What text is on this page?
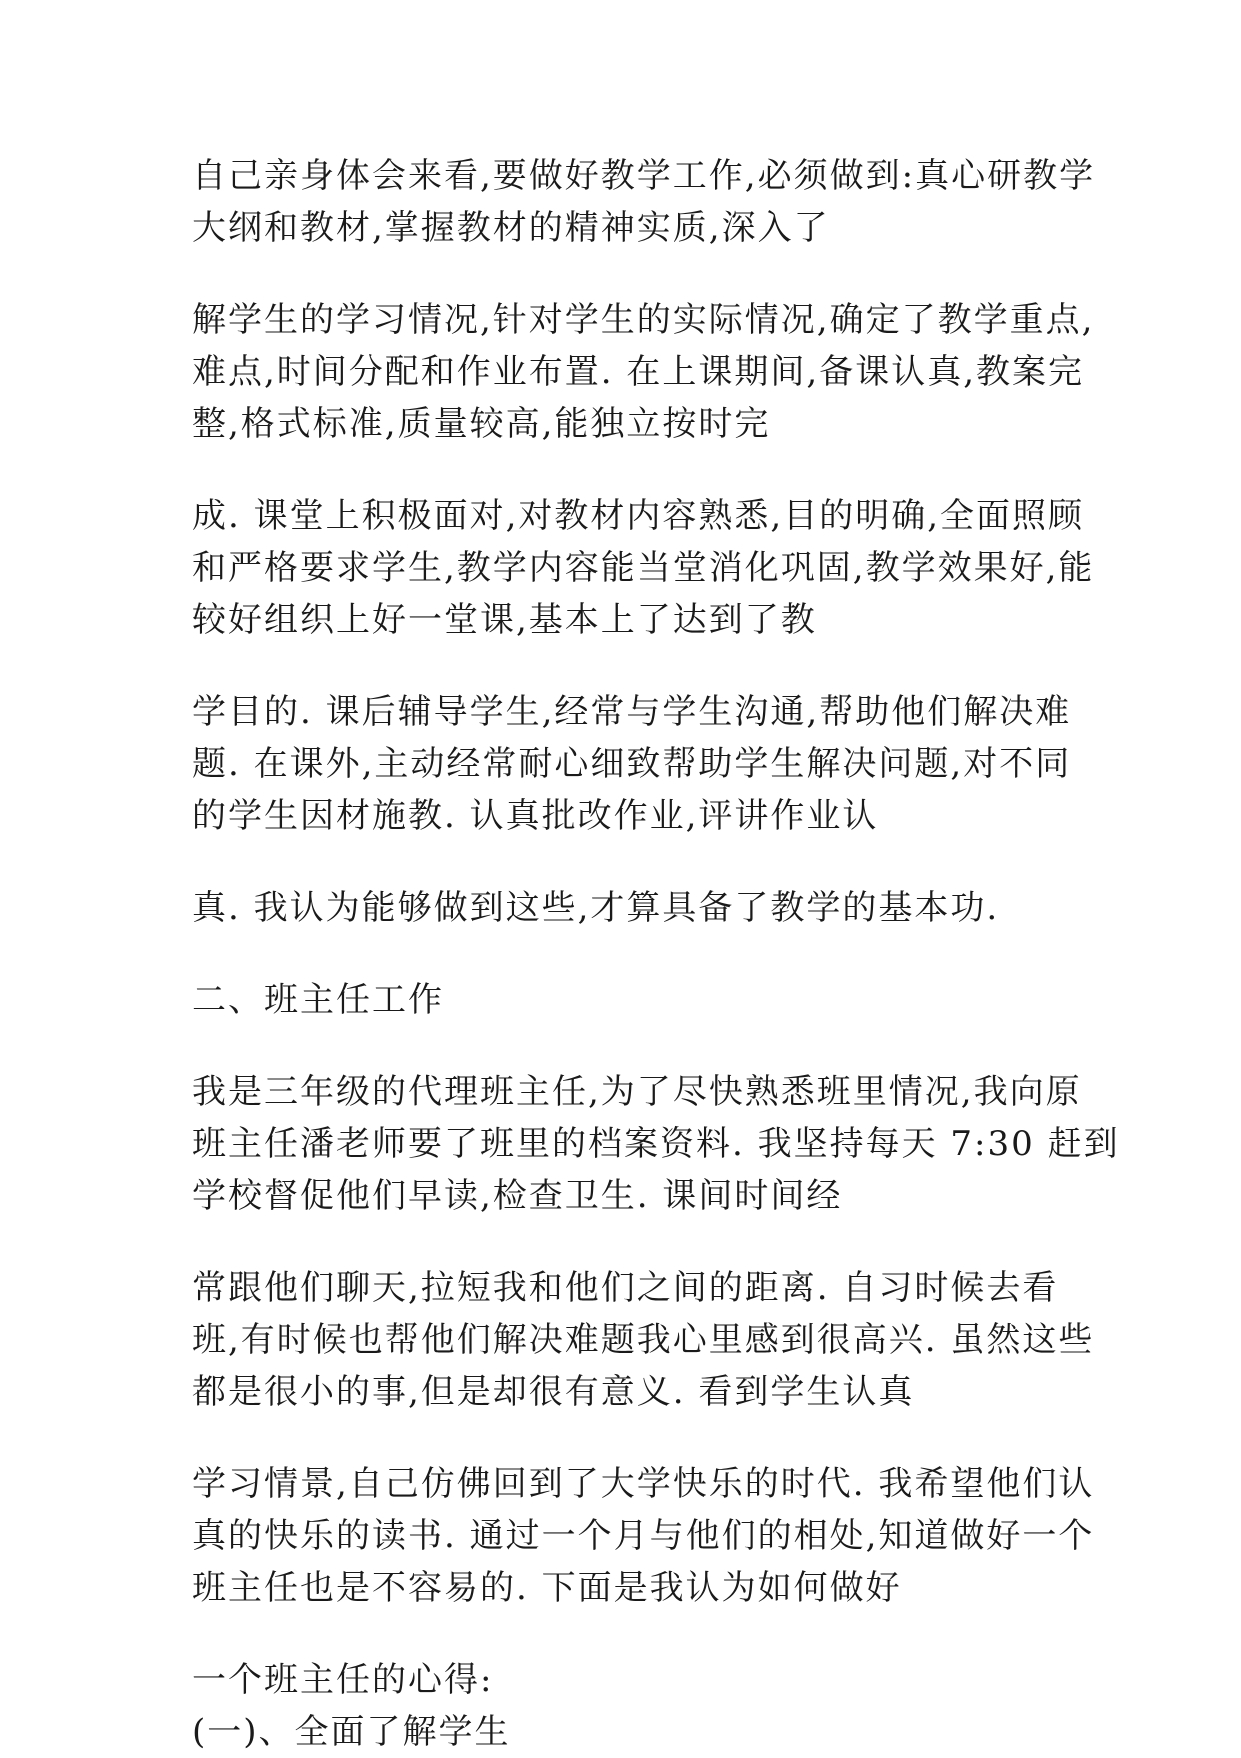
自己亲身体会来看,要做好教学工作,必须做到:真心研教学
大纲和教材,掌握教材的精神实质,深入了
解学生的学习情况,针对学生的实际情况,确定了教学重点,
难点,时间分配和作业布置. 在上课期间,备课认真,教案完
整,格式标准,质量较高,能独立按时完
成. 课堂上积极面对,对教材内容熟悉,目的明确,全面照顾
和严格要求学生,教学内容能当堂消化巩固,教学效果好,能
较好组织上好一堂课,基本上了达到了教
学目的. 课后辅导学生,经常与学生沟通,帮助他们解决难
题. 在课外,主动经常耐心细致帮助学生解决问题,对不同
的学生因材施教. 认真批改作业,评讲作业认
真. 我认为能够做到这些,才算具备了教学的基本功.
二、班主任工作
我是三年级的代理班主任,为了尽快熟悉班里情况,我向原
班主任潘老师要了班里的档案资料. 我坚持每天 7:30 赶到
学校督促他们早读,检查卫生. 课间时间经
常跟他们聊天,拉短我和他们之间的距离. 自习时候去看
班,有时候也帮他们解决难题我心里感到很高兴. 虽然这些
都是很小的事,但是却很有意义. 看到学生认真
学习情景,自己仿佛回到了大学快乐的时代. 我希望他们认
真的快乐的读书. 通过一个月与他们的相处,知道做好一个
班主任也是不容易的. 下面是我认为如何做好
一个班主任的心得:
(一)、全面了解学生
